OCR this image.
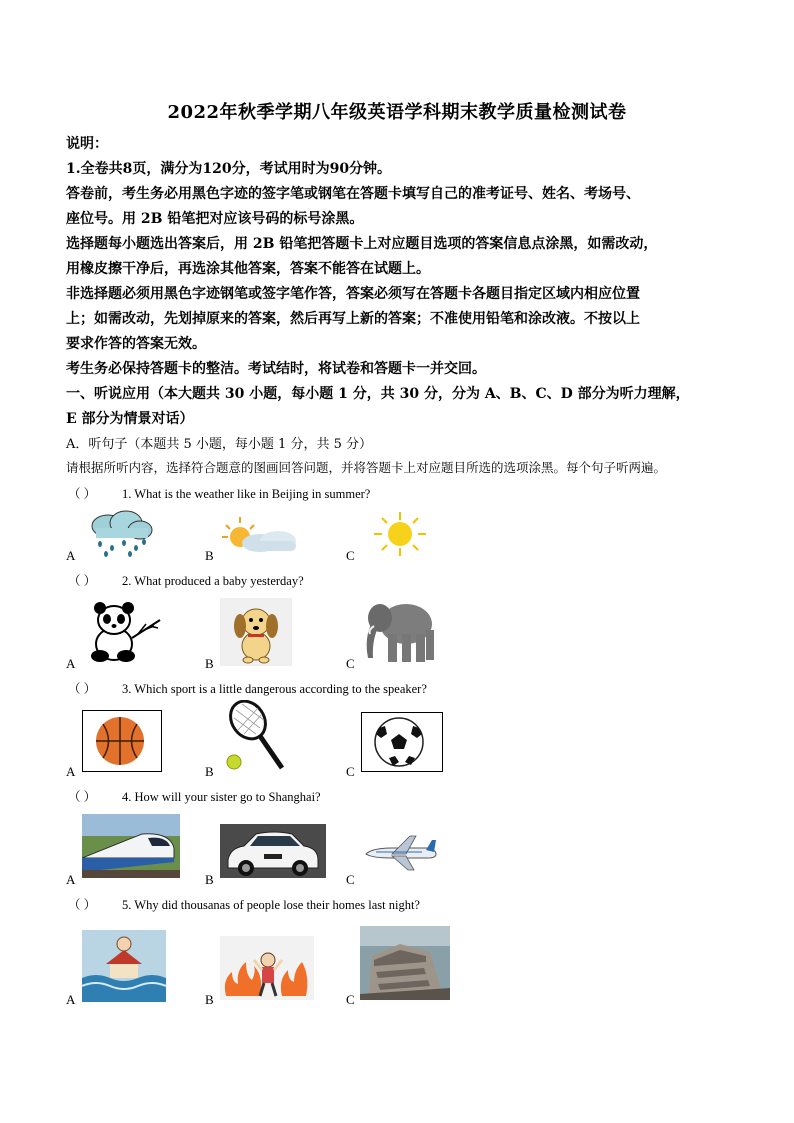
2022年秋季学期八年级英语学科期末教学质量检测试卷
说明：
1.全卷共8页，满分为120分，考试用时为90分钟。
答卷前，考生务必用黑色字迹的签字笔或钢笔在答题卡填写自己的准考证号、姓名、考场号、
座位号。用 2B 铅笔把对应该号码的标号涂黑。
选择题每小题选出答案后，用 2B 铅笔把答题卡上对应题目选项的答案信息点涂黑，如需改动，
用橡皮擦干净后，再选涂其他答案，答案不能答在试题上。
非选择题必须用黑色字迹钢笔或签字笔作答，答案必须写在答题卡各题目指定区域内相应位置
上；如需改动，先划掉原来的答案，然后再写上新的答案；不准使用铅笔和涂改液。不按以上
要求作答的答案无效。
考生务必保持答题卡的整洁。考试结时，将试卷和答题卡一并交回。
一、听说应用（本大题共 30 小题，每小题 1 分，共 30 分，分为 A、B、C、D 部分为听力理解，
E 部分为情景对话）
A．听句子（本题共 5 小题，每小题 1 分，共 5 分）
请根据所听内容，选择符合题意的图画回答问题，并将答题卡上对应题目所选的选项涂黑。每个句子听两遍。
（ ） 1. What is the weather like in Beijing in summer?
A	B	C
（ ） 2. What produced a baby yesterday?
A	B	C
（ ） 3. Which sport is a little dangerous according to the speaker?
A	B	C
（ ） 4. How will your sister go to Shanghai?
A	B	C
（ ） 5. Why did thousanas of people lose their homes last night?
A	B	C
